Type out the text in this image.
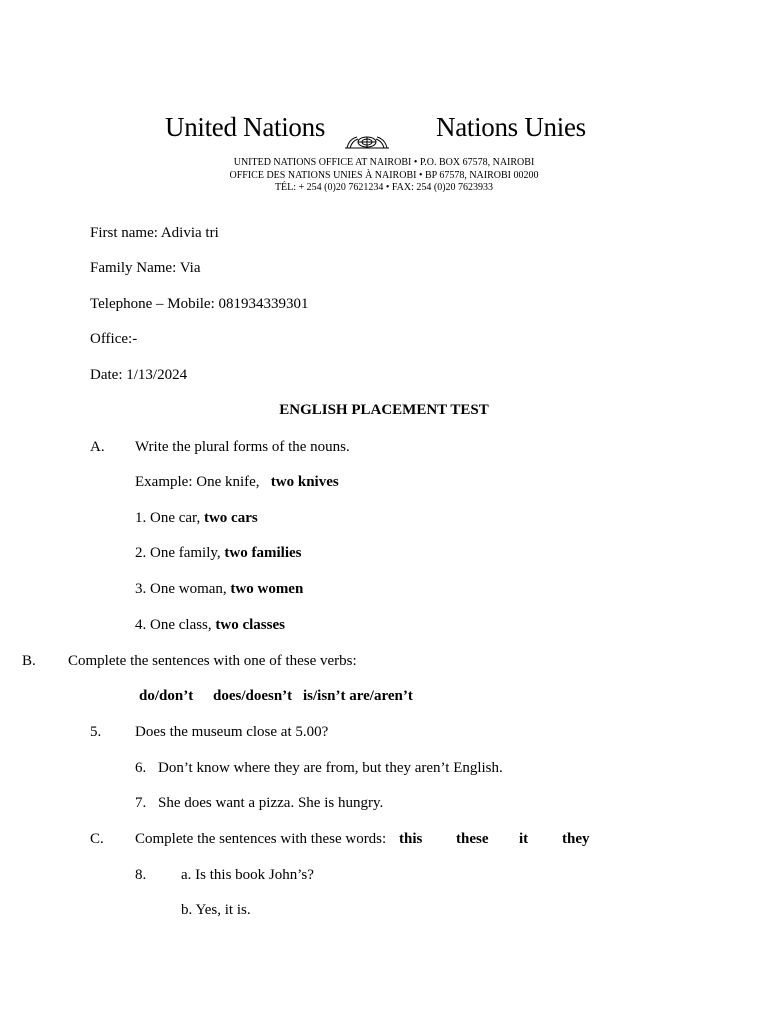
United Nations	Nations Unies
UNITED NATIONS OFFICE AT NAIROBI • P.O. BOX 67578, NAIROBI
OFFICE DES NATIONS UNIES À NAIROBI • BP 67578, NAIROBI 00200
TÉL: + 254 (0)20 7621234 • FAX: 254 (0)20 7623933
First name: Adivia tri
Family Name: Via
Telephone – Mobile: 081934339301
Office:-
Date: 1/13/2024
ENGLISH PLACEMENT TEST
A. Write the plural forms of the nouns.
Example: One knife, two knives
1. One car, two cars
2. One family, two families
3. One woman, two women
4. One class, two classes
B. Complete the sentences with one of these verbs:
do/don’t does/doesn’t is/isn’t are/aren’t
5. Does the museum close at 5.00?
6. Don’t know where they are from, but they aren’t English.
7. She does want a pizza. She is hungry.
C. Complete the sentences with these words: this these it they
8. a. Is this book John’s?
b. Yes, it is.
